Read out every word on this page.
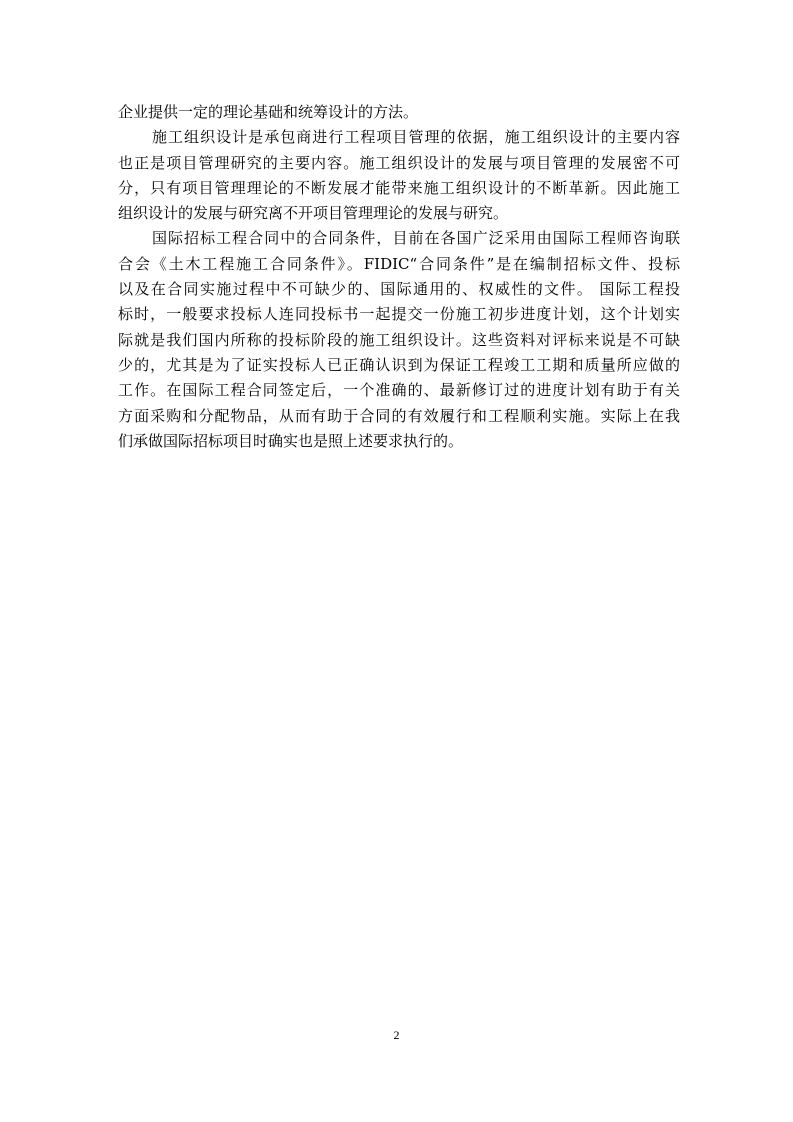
企业提供一定的理论基础和统筹设计的方法。
施工组织设计是承包商进行工程项目管理的依据，施工组织设计的主要内容
也正是项目管理研究的主要内容。施工组织设计的发展与项目管理的发展密不可
分，只有项目管理理论的不断发展才能带来施工组织设计的不断革新。因此施工
组织设计的发展与研究离不开项目管理理论的发展与研究。
国际招标工程合同中的合同条件，目前在各国广泛采用由国际工程师咨询联
合会《土木工程施工合同条件》。FIDIC“合同条件”是在编制招标文件、投标
以及在合同实施过程中不可缺少的、国际通用的、权威性的文件。 国际工程投
标时，一般要求投标人连同投标书一起提交一份施工初步进度计划，这个计划实
际就是我们国内所称的投标阶段的施工组织设计。这些资料对评标来说是不可缺
少的，尤其是为了证实投标人已正确认识到为保证工程竣工工期和质量所应做的
工作。在国际工程合同签定后，一个准确的、最新修订过的进度计划有助于有关
方面采购和分配物品，从而有助于合同的有效履行和工程顺利实施。实际上在我
们承做国际招标项目时确实也是照上述要求执行的。
2
